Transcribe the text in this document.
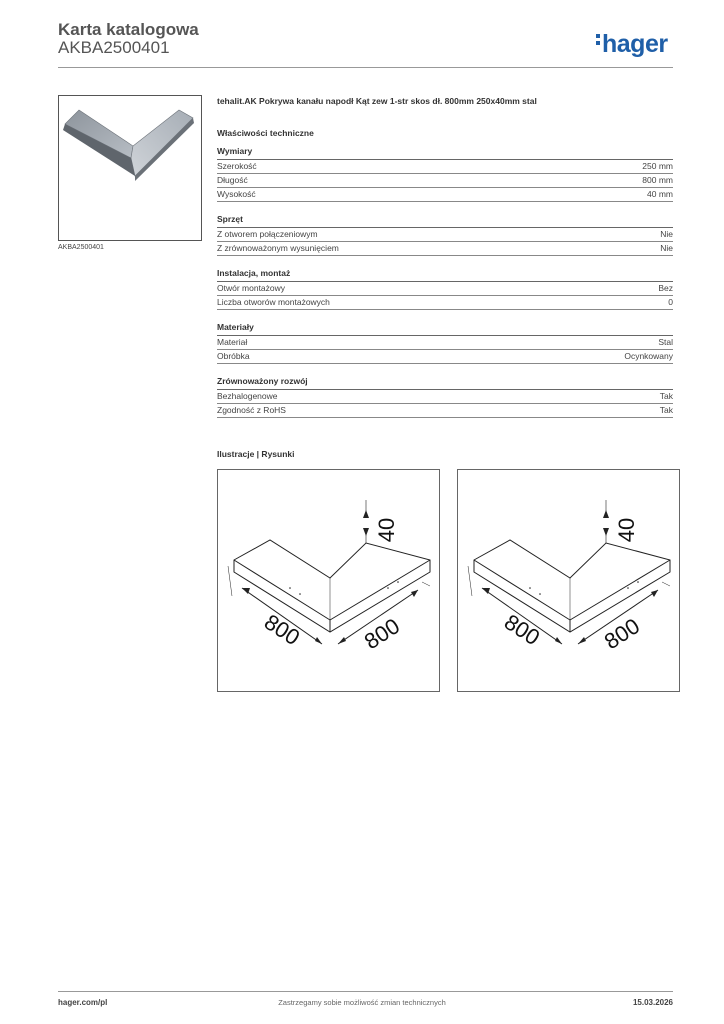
Karta katalogowa
AKBA2500401	hager
AKBA2500401
tehalit.AK Pokrywa kanału napodł Kąt zew 1-str skos dł. 800mm 250x40mm stal
Właściwości techniczne
Wymiary
Szerokość	250 mm
Długość	800 mm
Wysokość	40 mm
Sprzęt
Z otworem połączeniowym	Nie
Z zrównoważonym wysunięciem	Nie
Instalacja, montaż
Otwór montażowy	Bez
Liczba otworów montażowych	0
Materiały
Materiał	Stal
Obróbka	Ocynkowany
Zrównoważony rozwój
Bezhalogenowe	Tak
Zgodność z RoHS	Tak
Ilustracje | Rysunki
40
800	800
40
800	800
hager.com/pl	Zastrzegamy sobie możliwość zmian technicznych	15.03.2026
